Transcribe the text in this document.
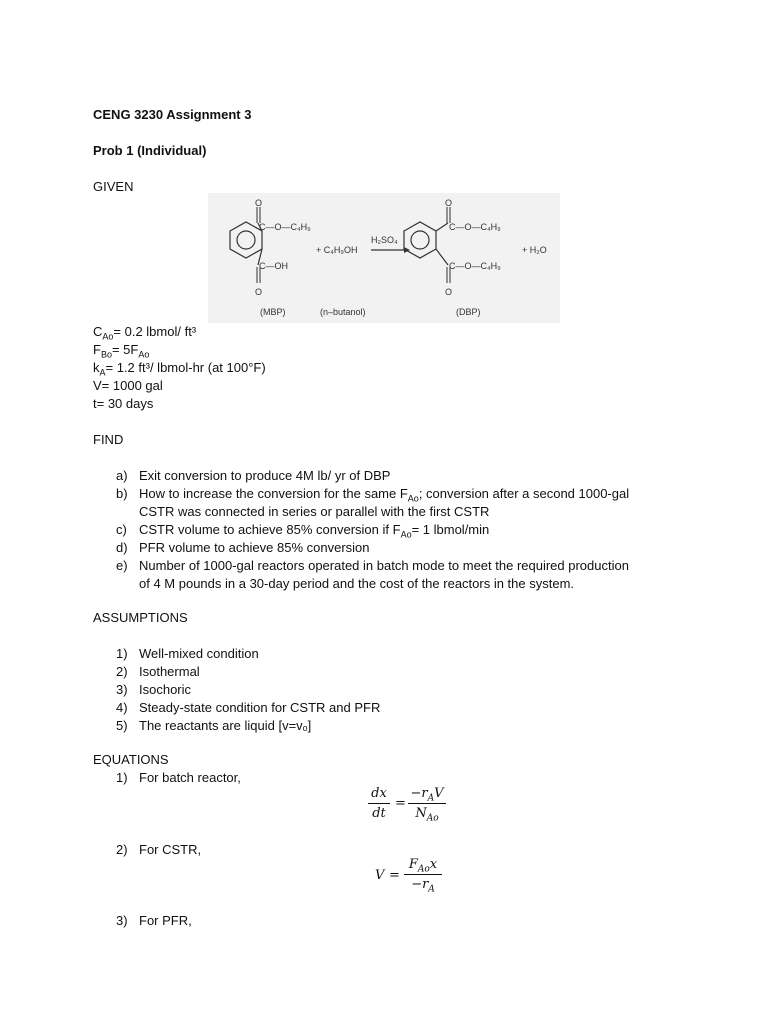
CENG 3230 Assignment 3
Prob 1 (Individual)
GIVEN
O
O
C—O—C₄H₉
C—OH
+ C₄H₉OH
H₂SO₄
O
O
C—O—C₄H₉
C—O—C₄H₉
+ H₂O
(MBP)	(n–butanol)	(DBP)
$C_{Ao}= 0.2$ lbmol/ ft³
$F_{Bo}= 5F_{Ao}$
$k_A= 1.2$ ft³/ lbmol-hr (at 100°F)
V= 1000 gal
t= 30 days
FIND
a) Exit conversion to produce 4M lb/ yr of DBP
b) How to increase the conversion for the same $F_{Ao}$; conversion after a second 1000-gal
CSTR was connected in series or parallel with the first CSTR
c) CSTR volume to achieve 85% conversion if $F_{Ao}= 1$ lbmol/min
d) PFR volume to achieve 85% conversion
e) Number of 1000-gal reactors operated in batch mode to meet the required production
of 4 M pounds in a 30-day period and the cost of the reactors in the system.
ASSUMPTIONS
1) Well-mixed condition
2) Isothermal
3) Isochoric
4) Steady-state condition for CSTR and PFR
5) The reactants are liquid [v=vₒ]
EQUATIONS
1) For batch reactor,
dx
dt
=
$-r_AV$
$N_{Ao}$
2) For CSTR,
V =
$F_{Ao}x$
$-r_A$
3) For PFR,
